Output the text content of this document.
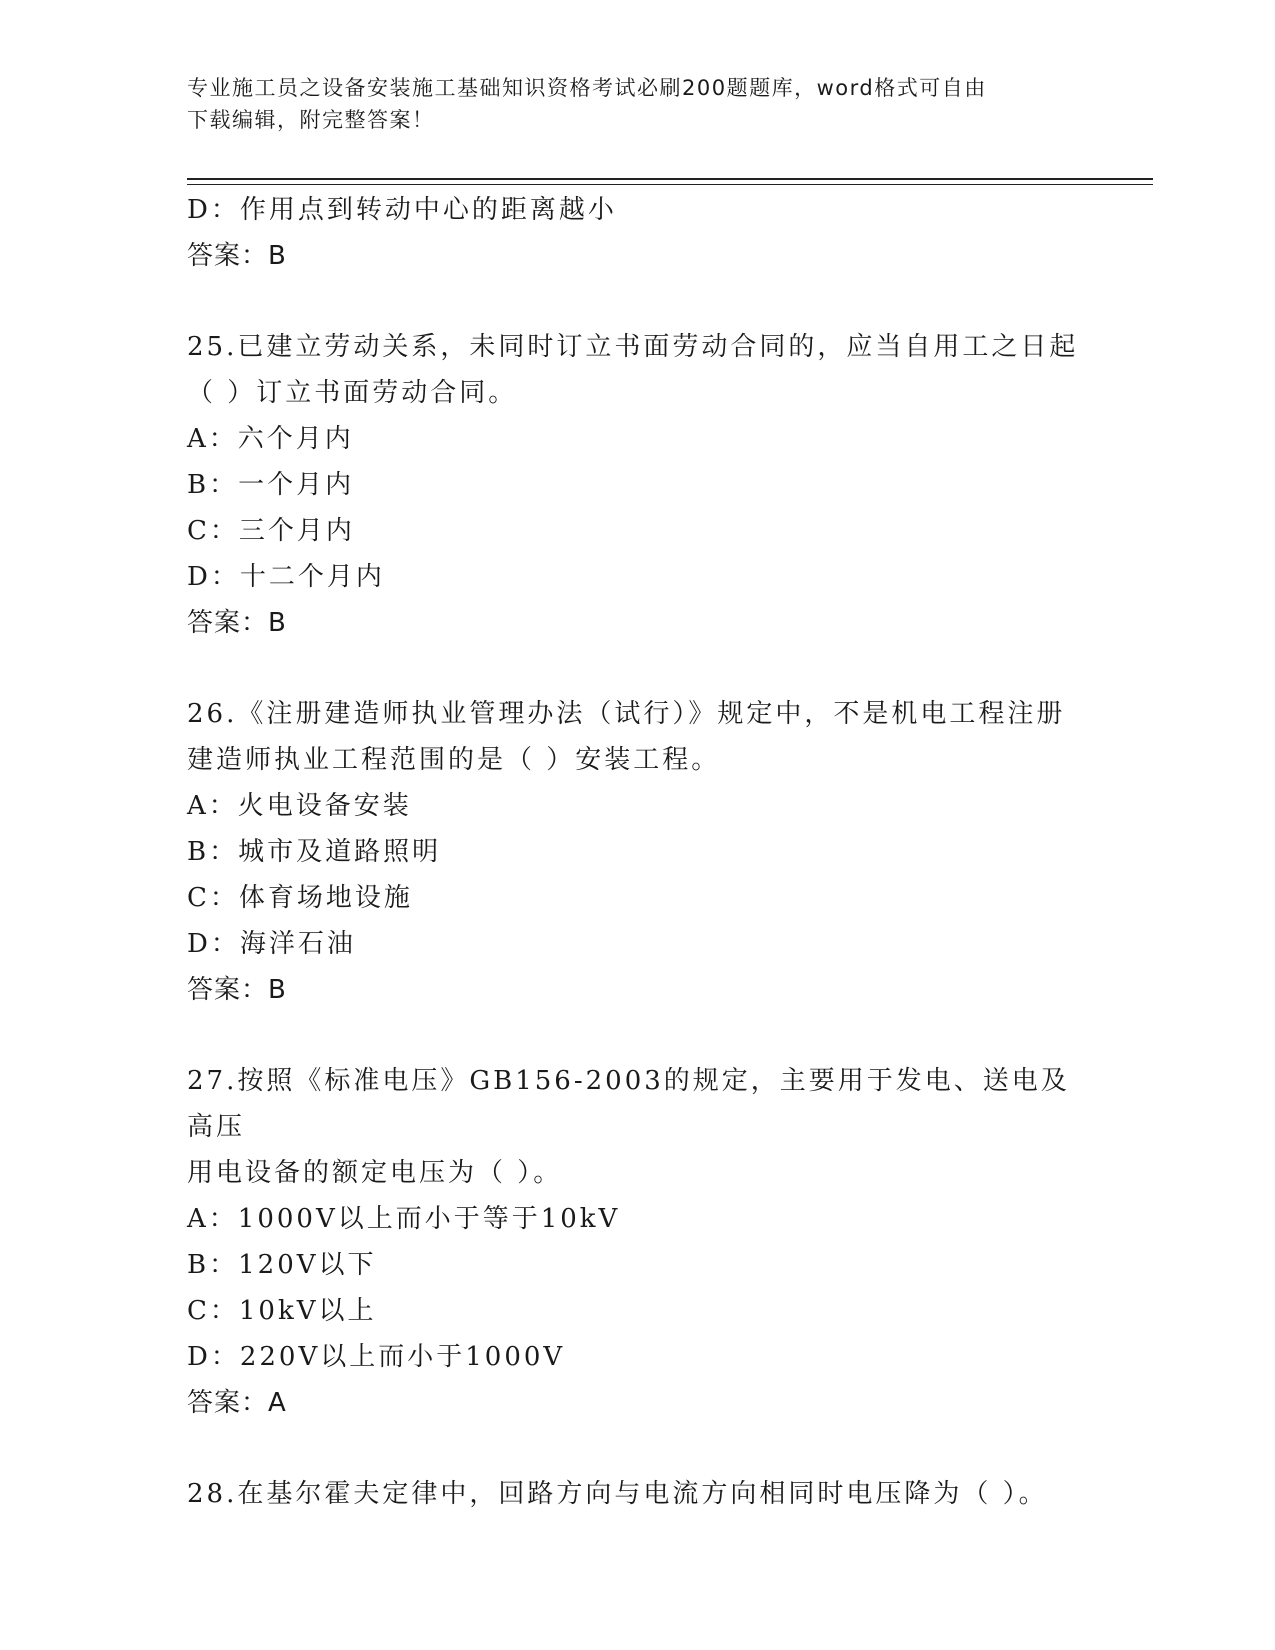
专业施工员之设备安装施工基础知识资格考试必刷200题题库，word格式可自由
下载编辑，附完整答案！
D：作用点到转动中心的距离越小
答案：B
25.已建立劳动关系，未同时订立书面劳动合同的，应当自用工之日起
（ ）订立书面劳动合同。
A：六个月内
B：一个月内
C：三个月内
D：十二个月内
答案：B
26.《注册建造师执业管理办法（试行）》规定中，不是机电工程注册
建造师执业工程范围的是（ ）安装工程。
A：火电设备安装
B：城市及道路照明
C：体育场地设施
D：海洋石油
答案：B
27.按照《标准电压》GB156-2003的规定，主要用于发电、送电及高压
用电设备的额定电压为（ ）。
A：1000V以上而小于等于10kV
B：120V以下
C：10kV以上
D：220V以上而小于1000V
答案：A
28.在基尔霍夫定律中，回路方向与电流方向相同时电压降为（ ）。
